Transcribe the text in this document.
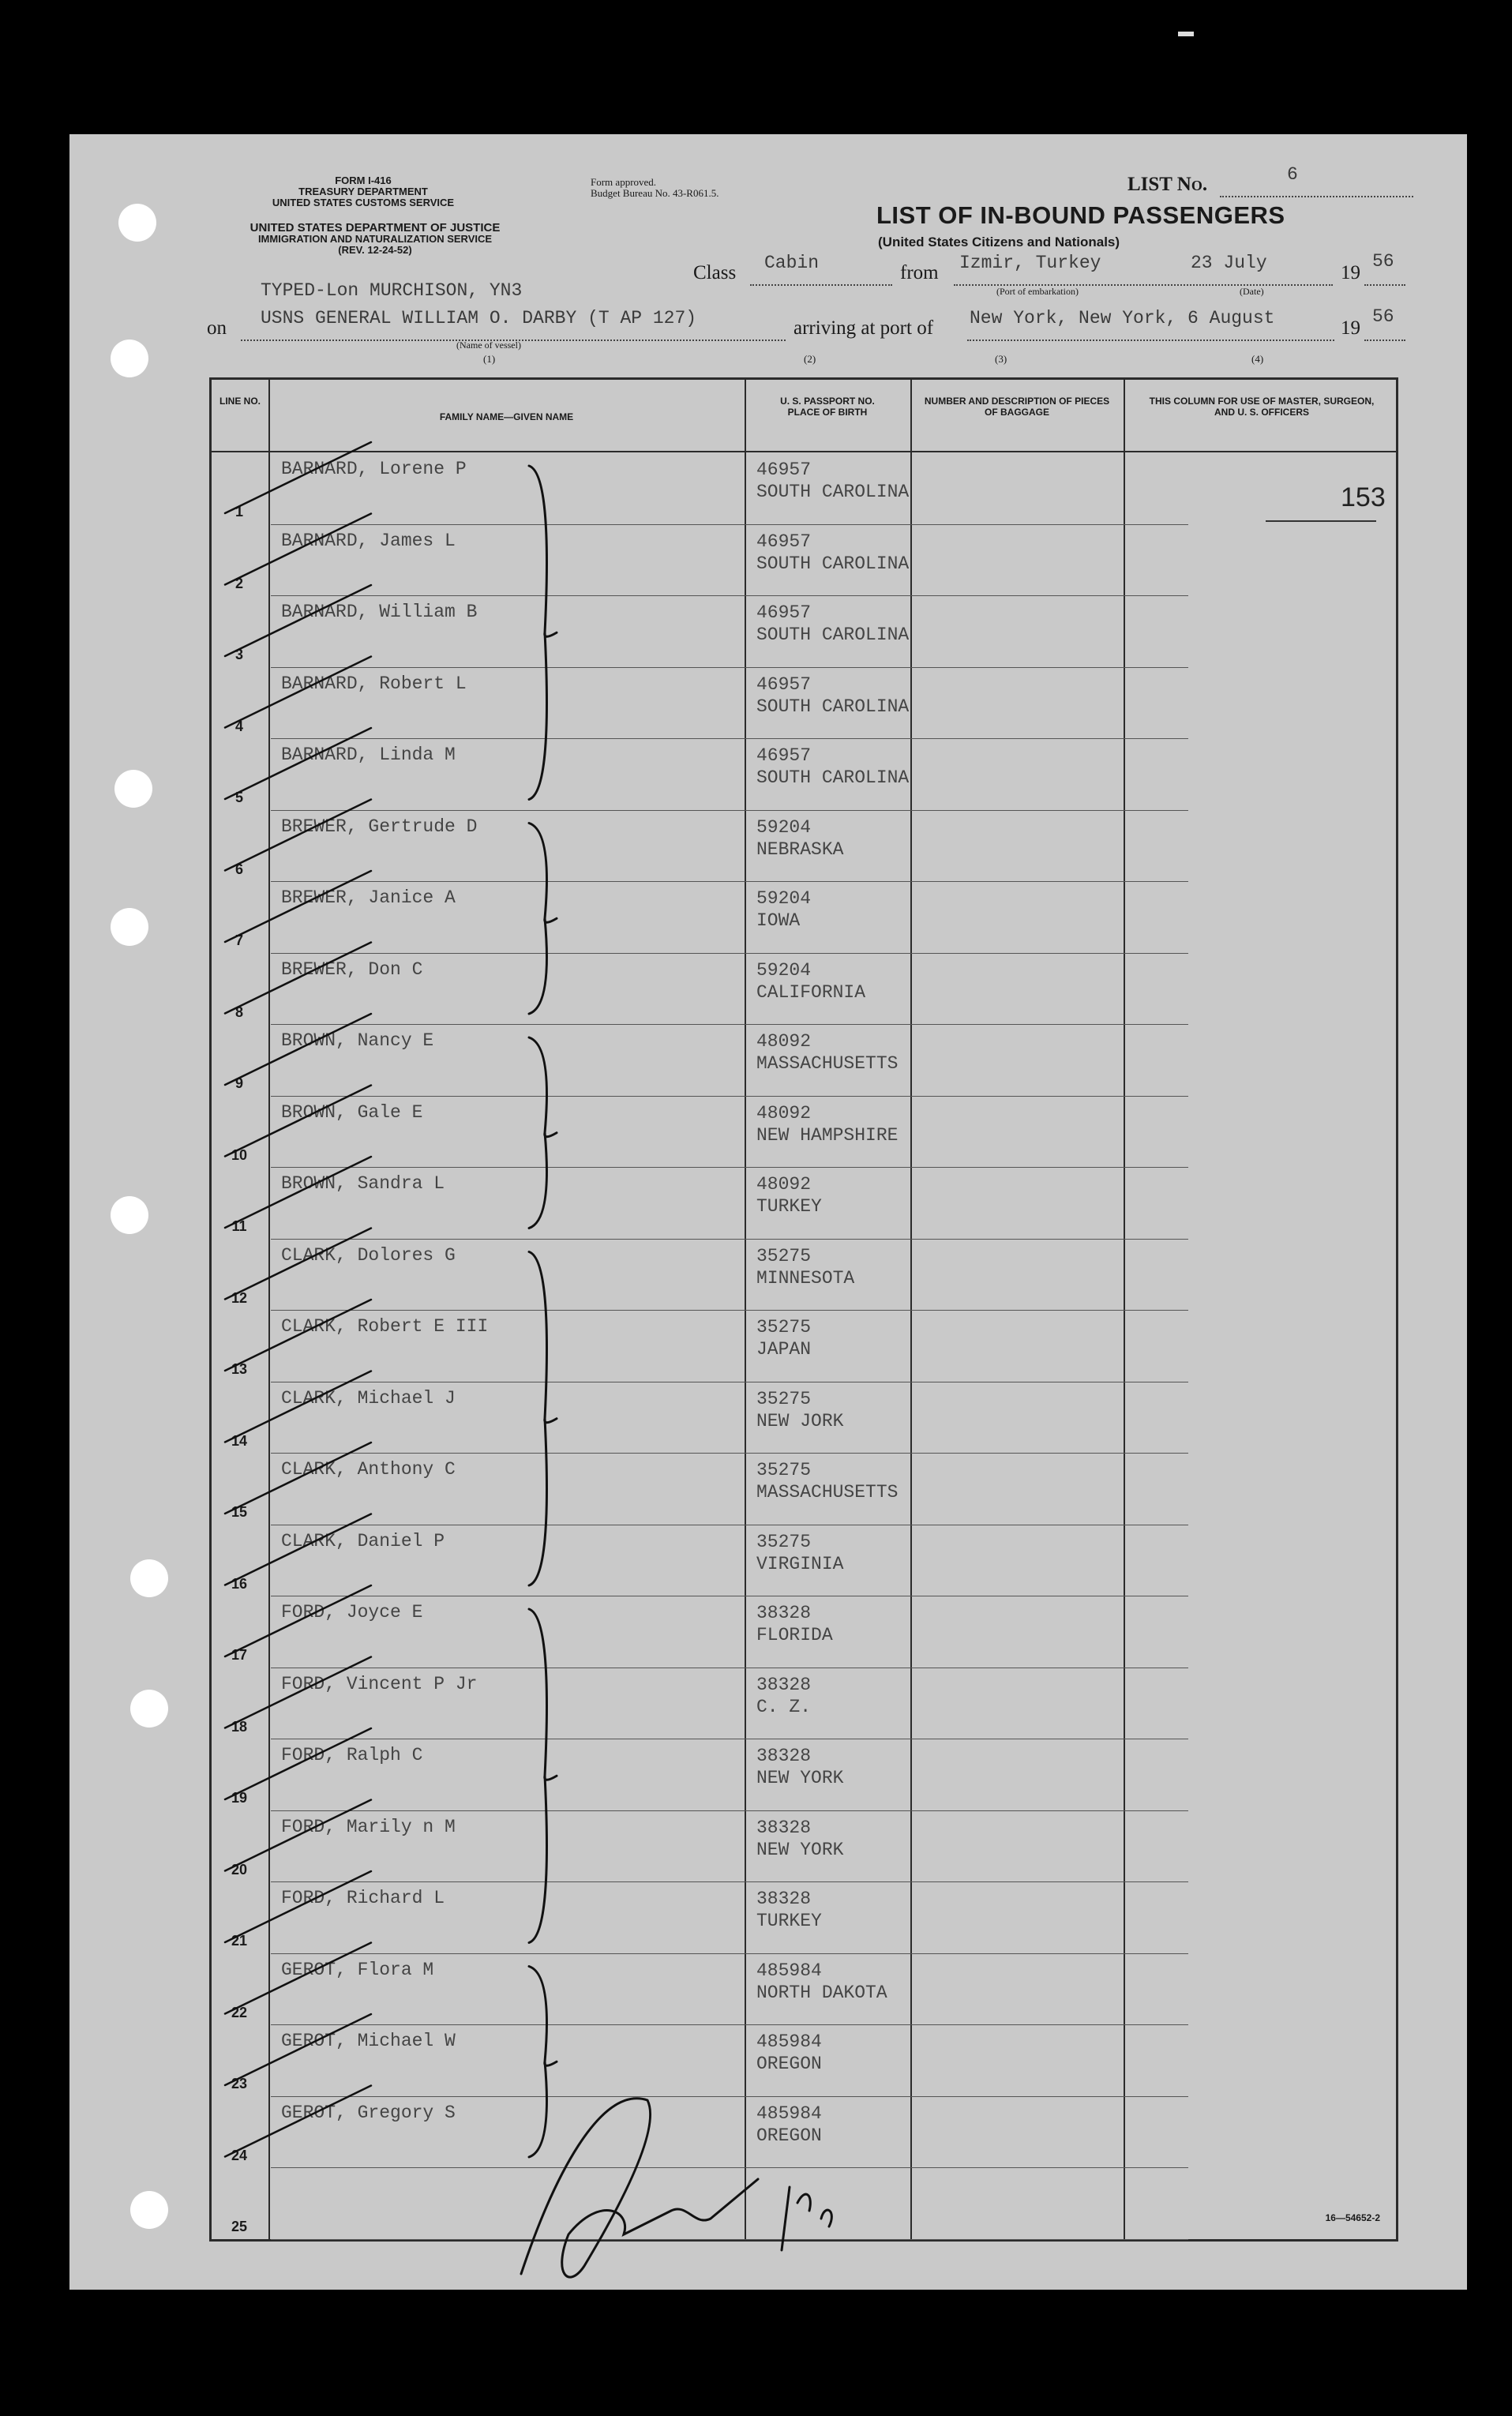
FORM I-416
TREASURY DEPARTMENT
UNITED STATES CUSTOMS SERVICE
UNITED STATES DEPARTMENT OF JUSTICE
IMMIGRATION AND NATURALIZATION SERVICE
(REV. 12-24-52)
Form approved.
Budget Bureau No. 43-R061.5.	LIST No.	6
LIST OF IN-BOUND PASSENGERS
(United States Citizens and Nationals)
TYPED-Lon MURCHISON, YN3
Class Cabin	from Izmir, Turkey
(Port of embarkation)
23 July
(Date)
19
56
on USNS GENERAL WILLIAM O. DARBY (T AP 127)
(Name of vessel)
arriving at port of New York, New York, 6 August	19
56
(1)	(2)	(3)	(4)
LINE NO.
FAMILY NAME—GIVEN NAME
U. S. PASSPORT NO. PLACE OF BIRTH
NUMBER AND DESCRIPTION OF PIECES OF BAGGAGE
THIS COLUMN FOR USE OF MASTER, SURGEON, AND U. S. OFFICERS
153
1
BARNARD, Lorene P	46957
SOUTH CAROLINA
2
BARNARD, James L	46957
SOUTH CAROLINA
3
BARNARD, William B	46957
SOUTH CAROLINA
4
BARNARD, Robert L	46957
SOUTH CAROLINA
5
BARNARD, Linda M	46957
SOUTH CAROLINA
6
BREWER, Gertrude D	59204
NEBRASKA
7
BREWER, Janice A	59204
IOWA
8
BREWER, Don C	59204
CALIFORNIA
9
BROWN, Nancy E	48092
MASSACHUSETTS
10
BROWN, Gale E	48092
NEW HAMPSHIRE
11
BROWN, Sandra L	48092
TURKEY
12
CLARK, Dolores G	35275
MINNESOTA
13
CLARK, Robert E III	35275
JAPAN
14
CLARK, Michael J	35275
NEW JORK
15
CLARK, Anthony C	35275
MASSACHUSETTS
16
CLARK, Daniel P	35275
VIRGINIA
17
FORD, Joyce E	38328
FLORIDA
18
FORD, Vincent P Jr	38328
C. Z.
19
FORD, Ralph C	38328
NEW YORK
20
FORD, Marily n M	38328
NEW YORK
21
FORD, Richard L	38328
TURKEY
22
GEROT, Flora M	485984
NORTH DAKOTA
23
GEROT, Michael W	485984
OREGON
24
GEROT, Gregory S	485984
OREGON
25
16—54652-2
